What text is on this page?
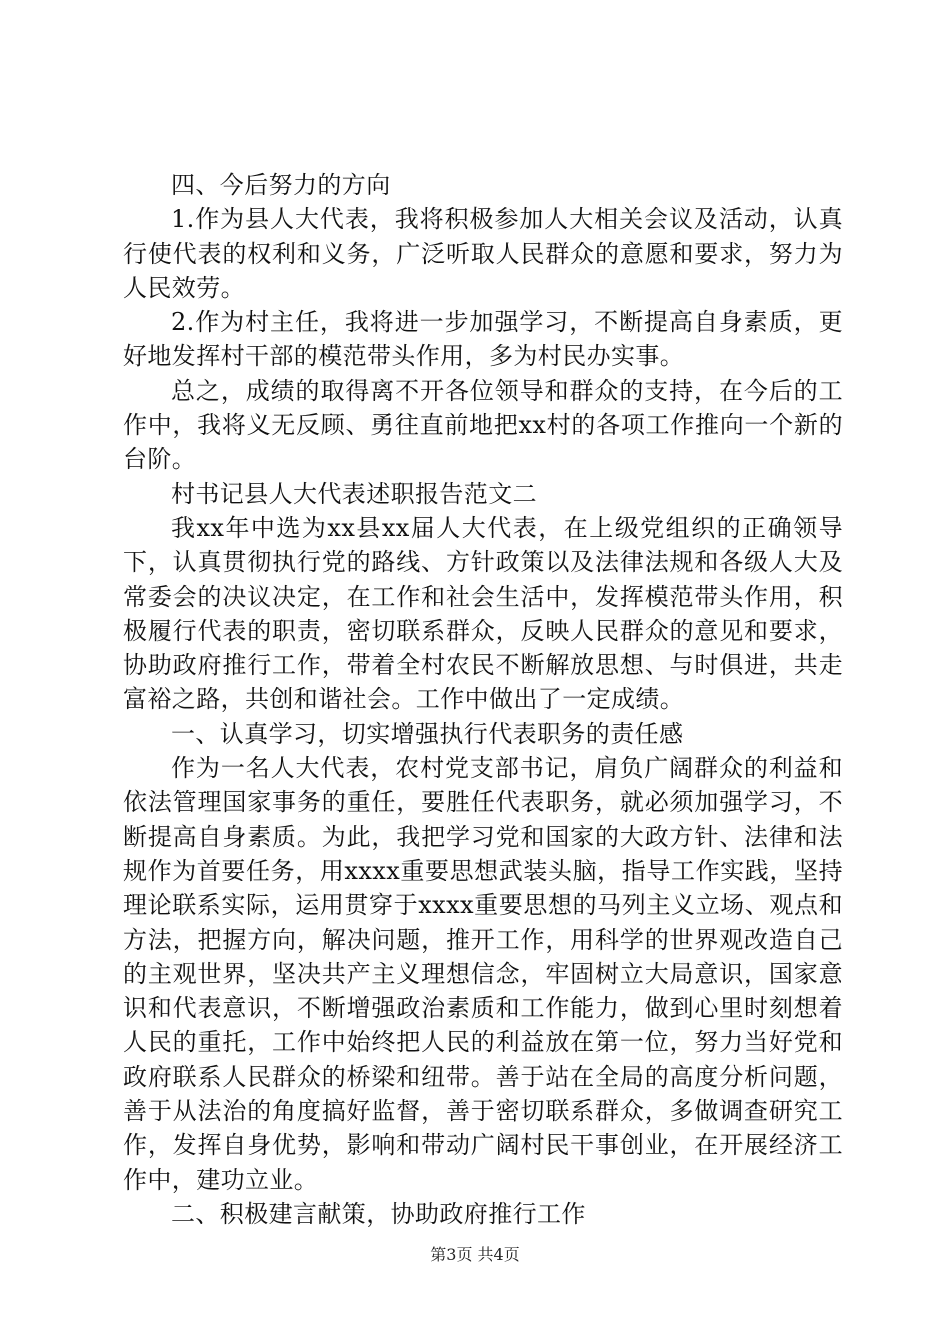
四、今后努力的方向

1.作为县人大代表，我将积极参加人大相关会议及活动，认真行使代表的权利和义务，广泛听取人民群众的意愿和要求，努力为人民效劳。

2.作为村主任，我将进一步加强学习，不断提高自身素质，更好地发挥村干部的模范带头作用，多为村民办实事。

总之，成绩的取得离不开各位领导和群众的支持，在今后的工作中，我将义无反顾、勇往直前地把xx村的各项工作推向一个新的台阶。

村书记县人大代表述职报告范文二

我xx年中选为xx县xx届人大代表，在上级党组织的正确领导下，认真贯彻执行党的路线、方针政策以及法律法规和各级人大及常委会的决议决定，在工作和社会生活中，发挥模范带头作用，积极履行代表的职责，密切联系群众，反映人民群众的意见和要求，协助政府推行工作，带着全村农民不断解放思想、与时俱进，共走富裕之路，共创和谐社会。工作中做出了一定成绩。

一、认真学习，切实增强执行代表职务的责任感

作为一名人大代表，农村党支部书记，肩负广阔群众的利益和依法管理国家事务的重任，要胜任代表职务，就必须加强学习，不断提高自身素质。为此，我把学习党和国家的大政方针、法律和法规作为首要任务，用xxxx重要思想武装头脑，指导工作实践，坚持理论联系实际，运用贯穿于xxxx重要思想的马列主义立场、观点和方法，把握方向，解决问题，推开工作，用科学的世界观改造自己的主观世界，坚决共产主义理想信念，牢固树立大局意识，国家意识和代表意识，不断增强政治素质和工作能力，做到心里时刻想着人民的重托，工作中始终把人民的利益放在第一位，努力当好党和政府联系人民群众的桥梁和纽带。善于站在全局的高度分析问题，善于从法治的角度搞好监督，善于密切联系群众，多做调查研究工作，发挥自身优势，影响和带动广阔村民干事创业，在开展经济工作中，建功立业。

二、积极建言献策，协助政府推行工作

第3页 共4页
